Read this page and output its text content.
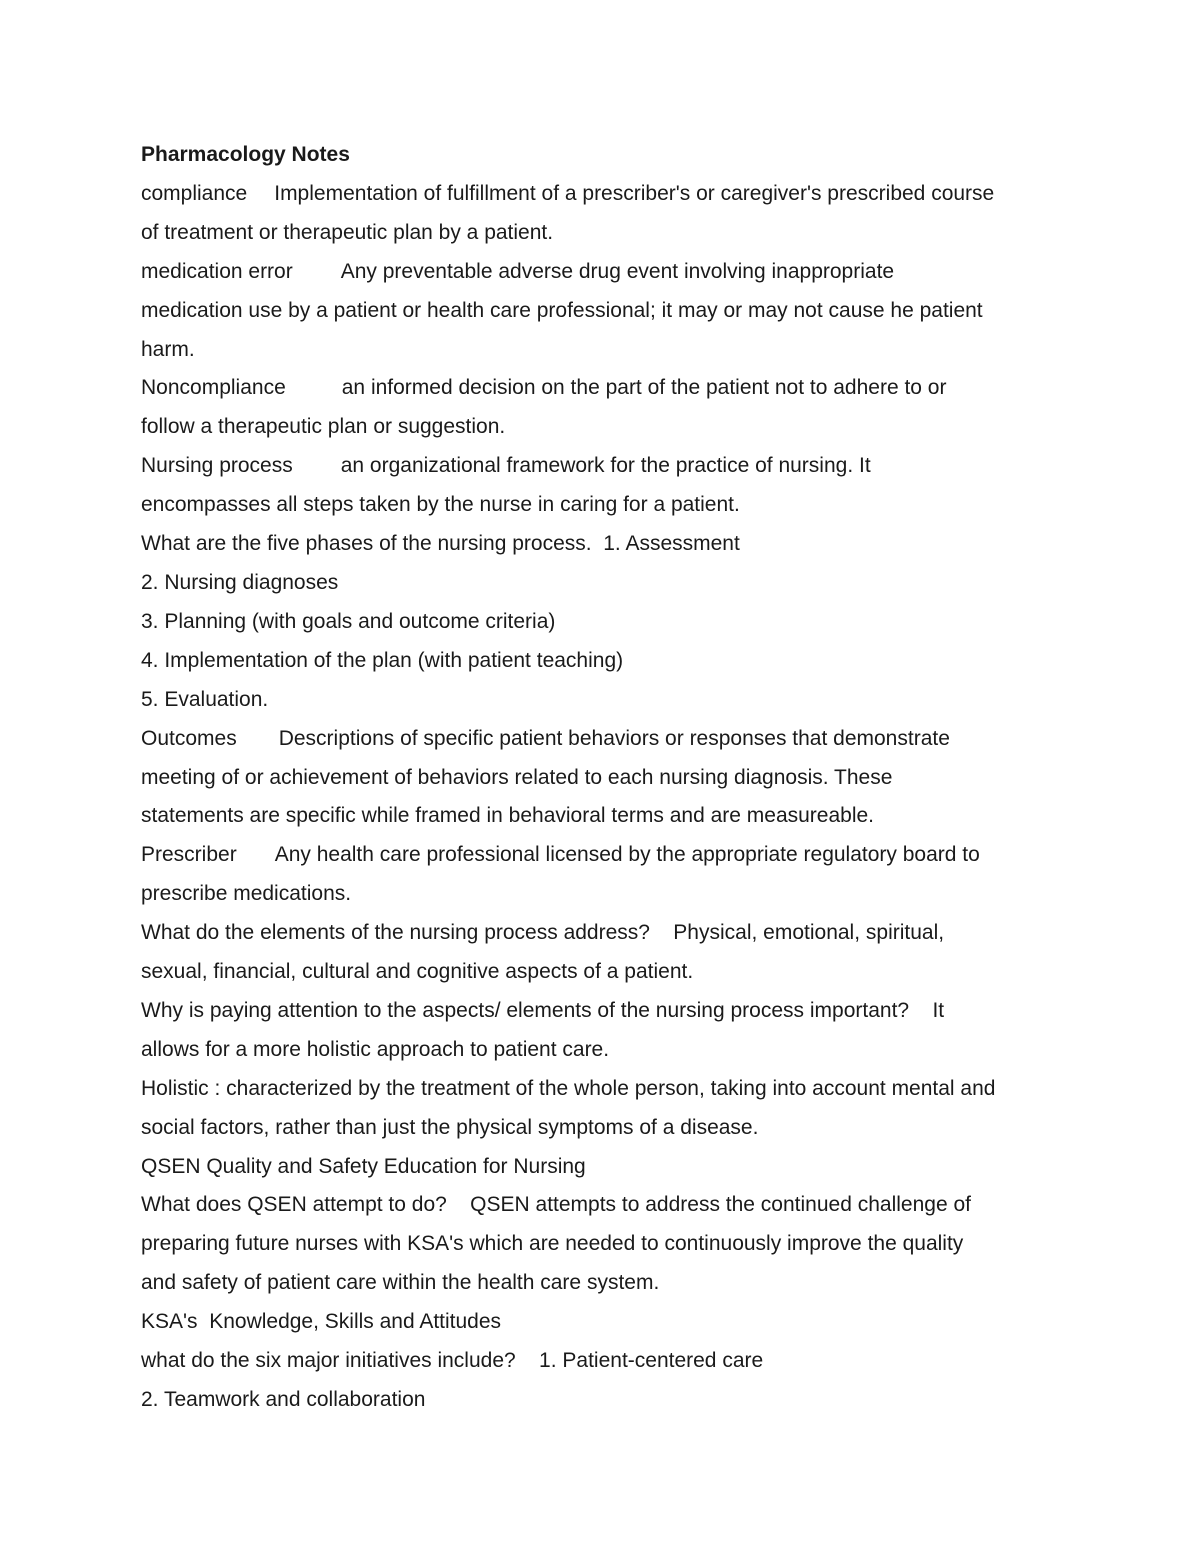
Pharmacology Notes
compliance Implementation of fulfillment of a prescriber's or caregiver's prescribed course
of treatment or therapeutic plan by a patient.
medication error Any preventable adverse drug event involving inappropriate
medication use by a patient or health care professional; it may or may not cause he patient
harm.
Noncompliance	an informed decision on the part of the patient not to adhere to or
follow a therapeutic plan or suggestion.
Nursing process an organizational framework for the practice of nursing. It
encompasses all steps taken by the nurse in caring for a patient.
What are the five phases of the nursing process. 1. Assessment
2. Nursing diagnoses
3. Planning (with goals and outcome criteria)
4. Implementation of the plan (with patient teaching)
5. Evaluation.
Outcomes Descriptions of specific patient behaviors or responses that demonstrate
meeting of or achievement of behaviors related to each nursing diagnosis. These
statements are specific while framed in behavioral terms and are measureable.
Prescriber Any health care professional licensed by the appropriate regulatory board to
prescribe medications.
What do the elements of the nursing process address? Physical, emotional, spiritual,
sexual, financial, cultural and cognitive aspects of a patient.
Why is paying attention to the aspects/ elements of the nursing process important? It
allows for a more holistic approach to patient care.
Holistic : characterized by the treatment of the whole person, taking into account mental and
social factors, rather than just the physical symptoms of a disease.
QSEN Quality and Safety Education for Nursing
What does QSEN attempt to do? QSEN attempts to address the continued challenge of
preparing future nurses with KSA's which are needed to continuously improve the quality
and safety of patient care within the health care system.
KSA's  Knowledge, Skills and Attitudes
what do the six major initiatives include? 1. Patient-centered care
2. Teamwork and collaboration
